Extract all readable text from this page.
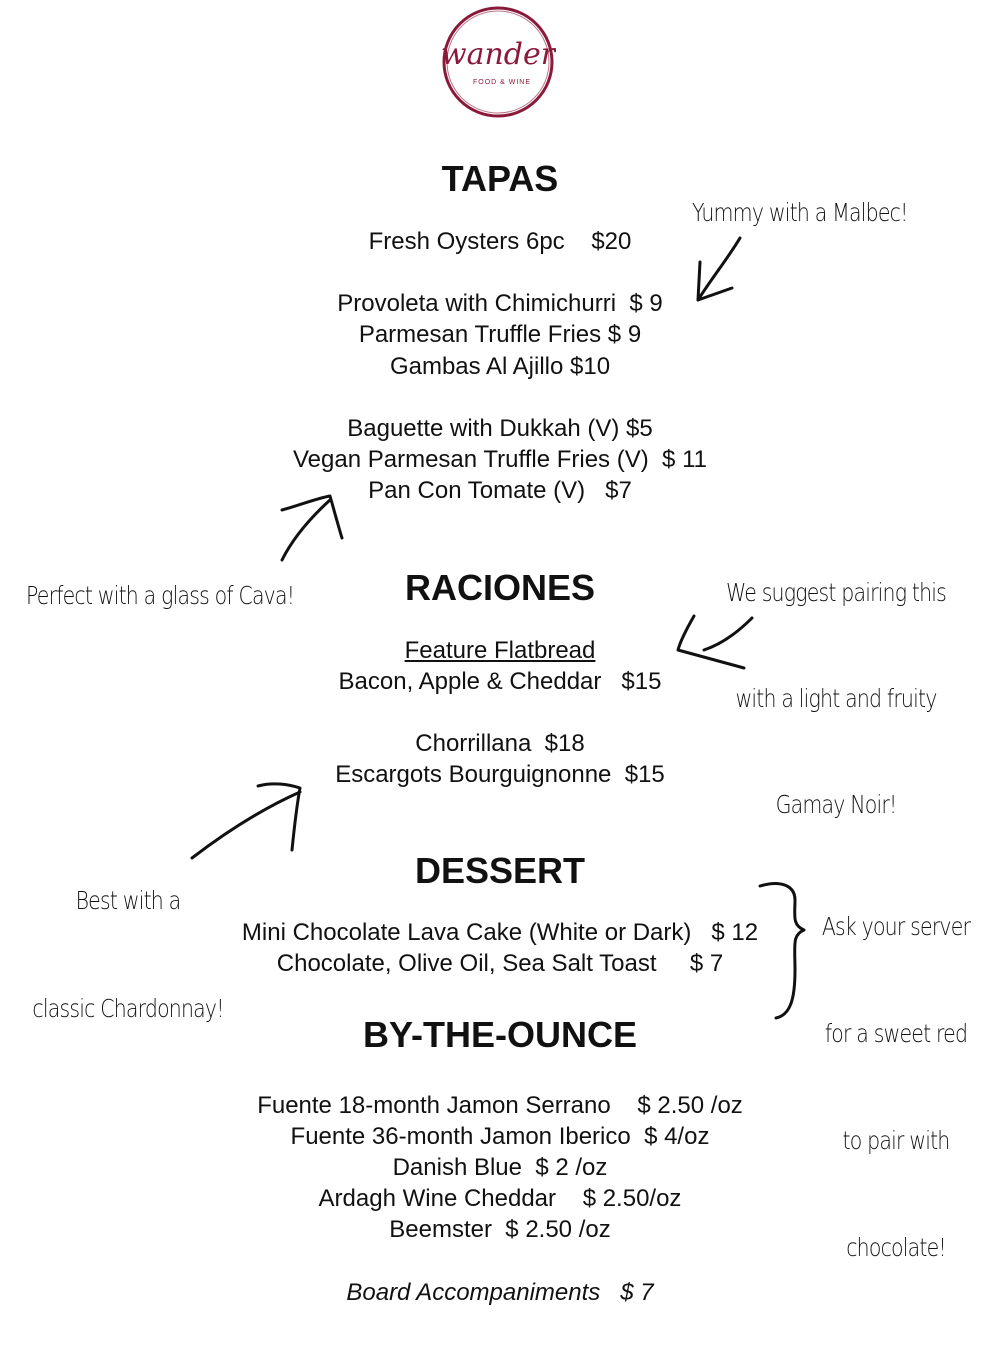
wander
FOOD & WINE
TAPAS
Fresh Oysters 6pc    $20
Provoleta with Chimichurri  $ 9
Parmesan Truffle Fries $ 9
Gambas Al Ajillo $10
Baguette with Dukkah (V) $5
Vegan Parmesan Truffle Fries (V)  $ 11
Pan Con Tomate (V)   $7
RACIONES
Feature Flatbread
Bacon, Apple & Cheddar   $15
Chorrillana  $18
Escargots Bourguignonne  $15
DESSERT
Mini Chocolate Lava Cake (White or Dark)   $ 12
Chocolate, Olive Oil, Sea Salt Toast     $ 7
BY-THE-OUNCE
Fuente 18-month Jamon Serrano    $ 2.50 /oz
Fuente 36-month Jamon Iberico  $ 4/oz
Danish Blue  $ 2 /oz
Ardagh Wine Cheddar    $ 2.50/oz
Beemster  $ 2.50 /oz
Board Accompaniments   $ 7
Yummy with a Malbec!
Perfect with a glass of Cava!

	We suggest pairing this

with a light and fruity

Gamay Noir!

Best with a

classic Chardonnay!

Ask your server

for a sweet red

to pair with

chocolate!
